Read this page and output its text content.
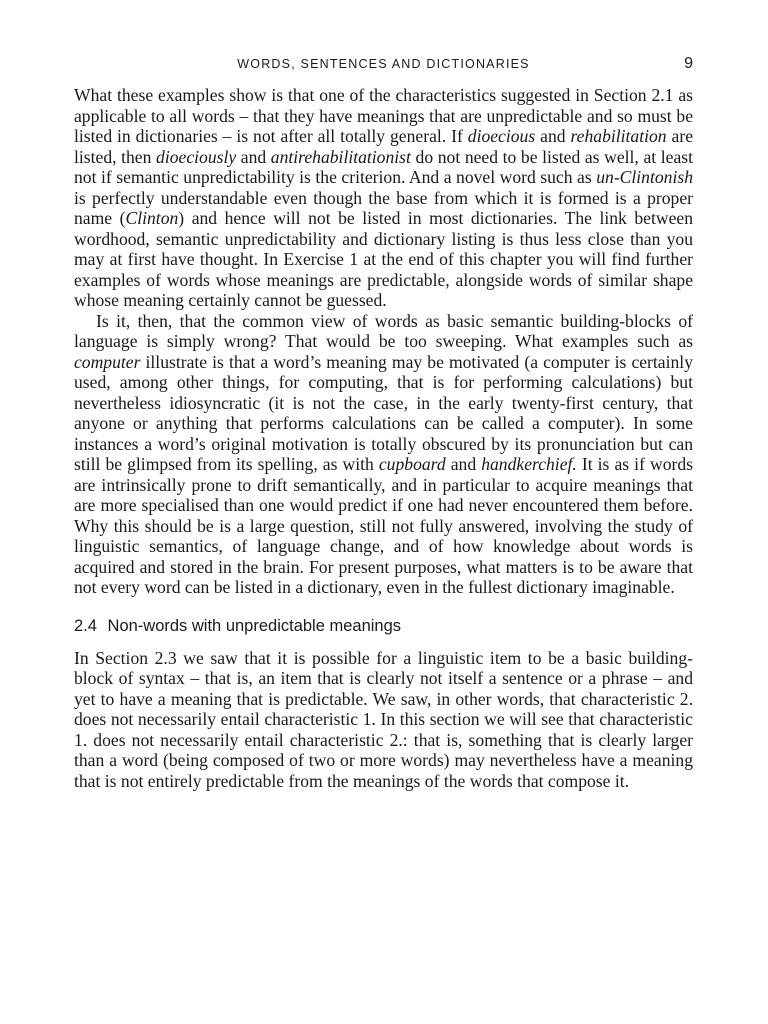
WORDS, SENTENCES AND DICTIONARIES	9

What these examples show is that one of the characteristics suggested in Section 2.1 as applicable to all words – that they have meanings that are unpredictable and so must be listed in dictionaries – is not after all totally general. If dioecious and rehabilitation are listed, then dioeciously and antirehabilitationist do not need to be listed as well, at least not if semantic unpredictability is the criterion. And a novel word such as un-Clintonish is perfectly understandable even though the base from which it is formed is a proper name (Clinton) and hence will not be listed in most dictionaries. The link between wordhood, semantic unpredictability and dictionary listing is thus less close than you may at first have thought. In Exercise 1 at the end of this chapter you will find further examples of words whose meanings are predictable, alongside words of similar shape whose meaning certainly cannot be guessed.

Is it, then, that the common view of words as basic semantic building-blocks of language is simply wrong? That would be too sweeping. What examples such as computer illustrate is that a word’s meaning may be motivated (a computer is certainly used, among other things, for computing, that is for performing calculations) but nevertheless idiosyncratic (it is not the case, in the early twenty-first century, that anyone or anything that performs calculations can be called a computer). In some instances a word’s original motivation is totally obscured by its pronunciation but can still be glimpsed from its spelling, as with cupboard and handkerchief. It is as if words are intrinsically prone to drift semantically, and in particular to acquire meanings that are more specialised than one would predict if one had never encountered them before. Why this should be is a large question, still not fully answered, involving the study of linguistic semantics, of language change, and of how knowledge about words is acquired and stored in the brain. For present purposes, what matters is to be aware that not every word can be listed in a dictionary, even in the fullest dictionary imaginable.

2.4 Non-words with unpredictable meanings

In Section 2.3 we saw that it is possible for a linguistic item to be a basic building-block of syntax – that is, an item that is clearly not itself a sentence or a phrase – and yet to have a meaning that is predictable. We saw, in other words, that characteristic 2. does not necessarily entail characteristic 1. In this section we will see that characteristic 1. does not necessarily entail characteristic 2.: that is, something that is clearly larger than a word (being composed of two or more words) may nevertheless have a meaning that is not entirely predictable from the meanings of the words that compose it.
